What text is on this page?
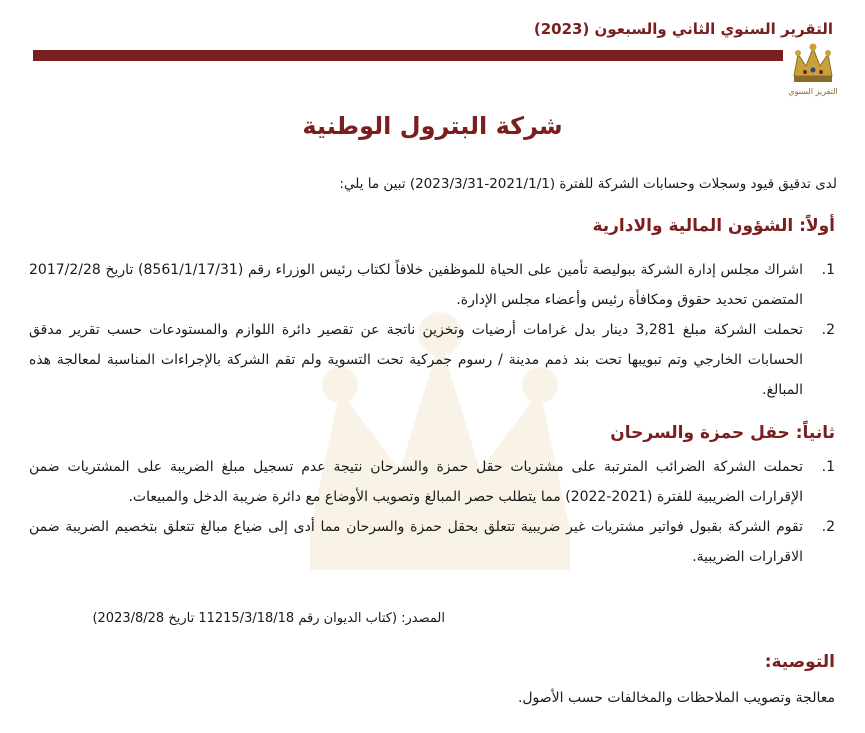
التقرير السنوي الثاني والسبعون (2023)
التقرير السنوي
شركة البترول الوطنية

لدى تدقيق قيود وسجلات وحسابات الشركة للفترة (2021/1/1-2023/3/31) تبين ما يلي:

أولاً: الشؤون المالية والادارية
1.
اشراك مجلس إدارة الشركة ببوليصة تأمين على الحياة للموظفين خلافاً لكتاب رئيس الوزراء رقم (8561/1/17/31) تاريخ 2017/2/28 المتضمن تحديد حقوق ومكافأة رئيس وأعضاء مجلس الإدارة.
2.
تحملت الشركة مبلغ 3,281 دينار بدل غرامات أرضيات وتخزين ناتجة عن تقصير دائرة اللوازم والمستودعات حسب تقرير مدقق الحسابات الخارجي وتم تبويبها تحت بند ذمم مدينة / رسوم جمركية تحت التسوية ولم تقم الشركة بالإجراءات المناسبة لمعالجة هذه المبالغ.
ثانياً: حقل حمزة والسرحان
1.
تحملت الشركة الضرائب المترتبة على مشتريات حقل حمزة والسرحان نتيجة عدم تسجيل مبلغ الضريبة على المشتريات ضمن الإقرارات الضريبية للفترة (2021-2022) مما يتطلب حصر المبالغ وتصويب الأوضاع مع دائرة ضريبة الدخل والمبيعات.
2.
تقوم الشركة بقبول فواتير مشتريات غير ضريبية تتعلق بحقل حمزة والسرحان مما أدى إلى ضياع مبالغ تتعلق بتخصيم الضريبة ضمن الاقرارات الضريبية.

المصدر: (كتاب الديوان رقم 11215/3/18/18 تاريخ 2023/8/28)

التوصية:

معالجة وتصويب الملاحظات والمخالفات حسب الأصول.
